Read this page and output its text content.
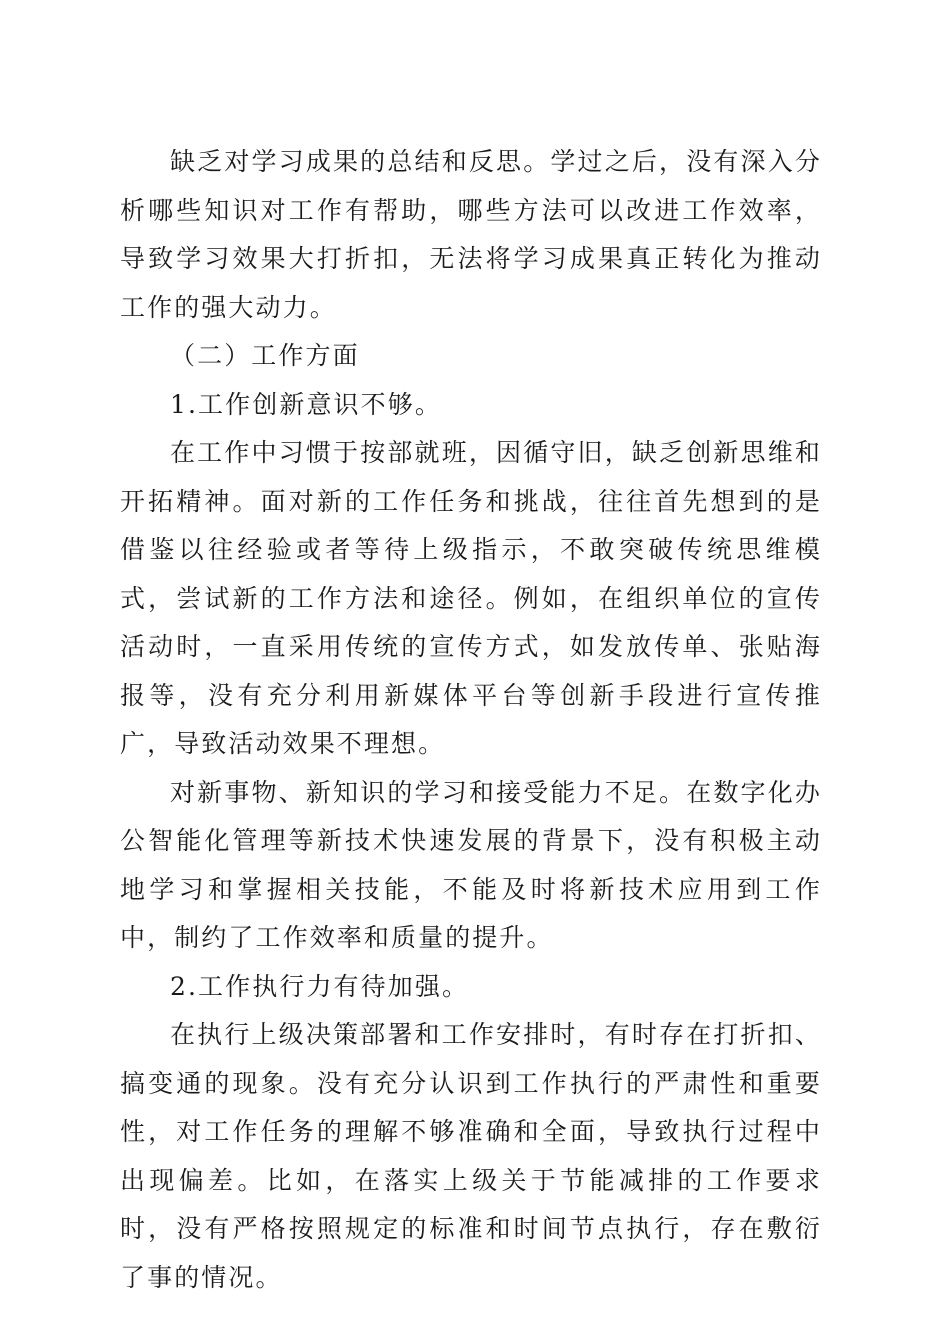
缺乏对学习成果的总结和反思。学过之后，没有深入分析哪些知识对工作有帮助，哪些方法可以改进工作效率，导致学习效果大打折扣，无法将学习成果真正转化为推动工作的强大动力。

（二）工作方面

1.工作创新意识不够。

在工作中习惯于按部就班，因循守旧，缺乏创新思维和开拓精神。面对新的工作任务和挑战，往往首先想到的是借鉴以往经验或者等待上级指示，不敢突破传统思维模式，尝试新的工作方法和途径。例如，在组织单位的宣传活动时，一直采用传统的宣传方式，如发放传单、张贴海报等，没有充分利用新媒体平台等创新手段进行宣传推广，导致活动效果不理想。

对新事物、新知识的学习和接受能力不足。在数字化办公智能化管理等新技术快速发展的背景下，没有积极主动地学习和掌握相关技能，不能及时将新技术应用到工作中，制约了工作效率和质量的提升。

2.工作执行力有待加强。

在执行上级决策部署和工作安排时，有时存在打折扣、搞变通的现象。没有充分认识到工作执行的严肃性和重要性，对工作任务的理解不够准确和全面，导致执行过程中出现偏差。比如，在落实上级关于节能减排的工作要求时，没有严格按照规定的标准和时间节点执行，存在敷衍了事的情况。
